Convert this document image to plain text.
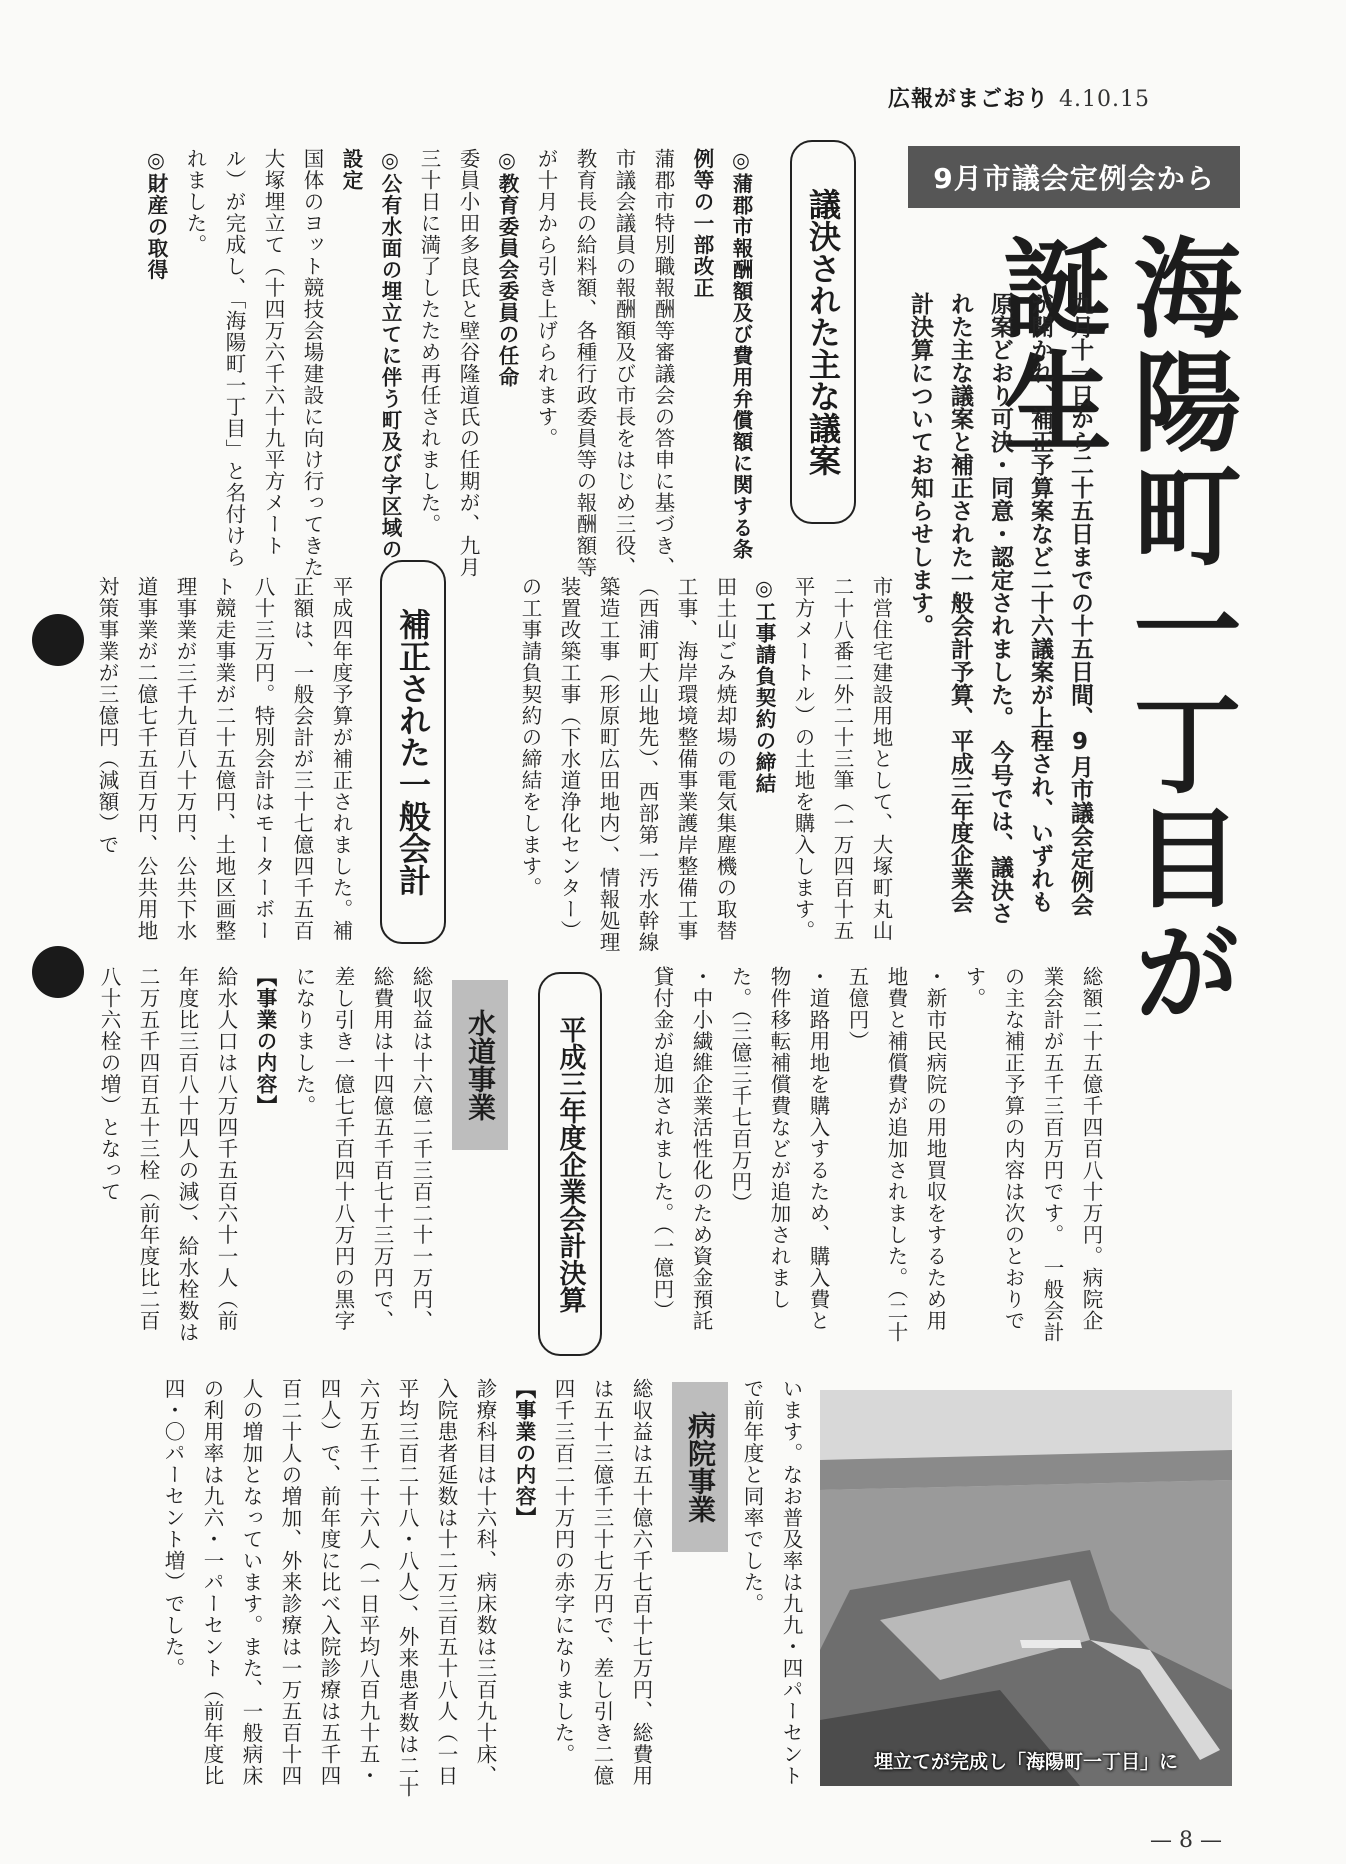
広報がまごおり 4.10.15
9月市議会定例会から
海陽町一丁目が誕生
九月十一日から二十五日までの十五日間、9月市議会定例会が開かれ、補正予算案など二十六議案が上程され、いずれも原案どおり可決・同意・認定されました。　今号では、議決された主な議案と補正された一般会計予算、平成三年度企業会計決算についてお知らせします。
◎蒲郡市報酬額及び費用弁償額に関する条例等の一部改正
蒲郡市特別職報酬等審議会の答申に基づき、市議会議員の報酬額及び市長をはじめ三役、教育長の給料額、各種行政委員等の報酬額等が十月から引き上げられます。
◎教育委員会委員の任命
委員小田多良氏と壁谷隆道氏の任期が、九月三十日に満了したため再任されました。
◎公有水面の埋立てに伴う町及び字区域の設定
国体のヨット競技会場建設に向け行ってきた大塚埋立て（十四万六千六十九平方メートル）が完成し、「海陽町一丁目」と名付けられました。
◎財産の取得	議決された主な議案
市営住宅建設用地として、大塚町丸山二十八番二外二十三筆（一万四百十五平方メートル）の土地を購入します。
◎工事請負契約の締結
田土山ごみ焼却場の電気集塵機の取替工事、海岸環境整備事業護岸整備工事（西浦町大山地先）、西部第一汚水幹線築造工事（形原町広田地内）、情報処理装置改築工事（下水道浄化センター）の工事請負契約の締結をします。
補正された一般会計
平成四年度予算が補正されました。補正額は、一般会計が三十七億四千五百八十三万円。特別会計はモーターボート競走事業が二十五億円、土地区画整理事業が三千九百八十万円、公共下水道事業が二億七千五百万円、公共用地対策事業が三億円（減額）で
総額二十五億千四百八十万円。病院企業会計が五千三百万円です。　一般会計の主な補正予算の内容は次のとおりです。
・新市民病院の用地買収をするため用地費と補償費が追加されました。（二十五億円）
・道路用地を購入するため、購入費と物件移転補償費などが追加されました。（三億三千七百万円）
・中小繊維企業活性化のため資金預託貸付金が追加されました。（一億円）
平成三年度企業会計決算
水道事業
総収益は十六億二千三百二十一万円、総費用は十四億五千百七十三万円で、差し引き一億七千百四十八万円の黒字になりました。
【事業の内容】
給水人口は八万四千五百六十一人（前年度比三百八十四人の減）、給水栓数は二万五千四百五十三栓（前年度比二百八十六栓の増）となって
います。なお普及率は九九・四パーセントで前年度と同率でした。
病院事業
総収益は五十億六千七百十七万円、総費用は五十三億千三十七万円で、差し引き二億四千三百二十万円の赤字になりました。
【事業の内容】
診療科目は十六科、病床数は三百九十床、入院患者延数は十二万三百五十八人（一日平均三百二十八・八人）、外来患者数は二十六万五千二十六人（一日平均八百九十五・四人）で、前年度に比べ入院診療は五千四百二十人の増加、外来診療は一万五百十四人の増加となっています。また、一般病床の利用率は九六・一パーセント（前年度比四・〇パーセント増）でした。
埋立てが完成し「海陽町一丁目」に
— 8 —
